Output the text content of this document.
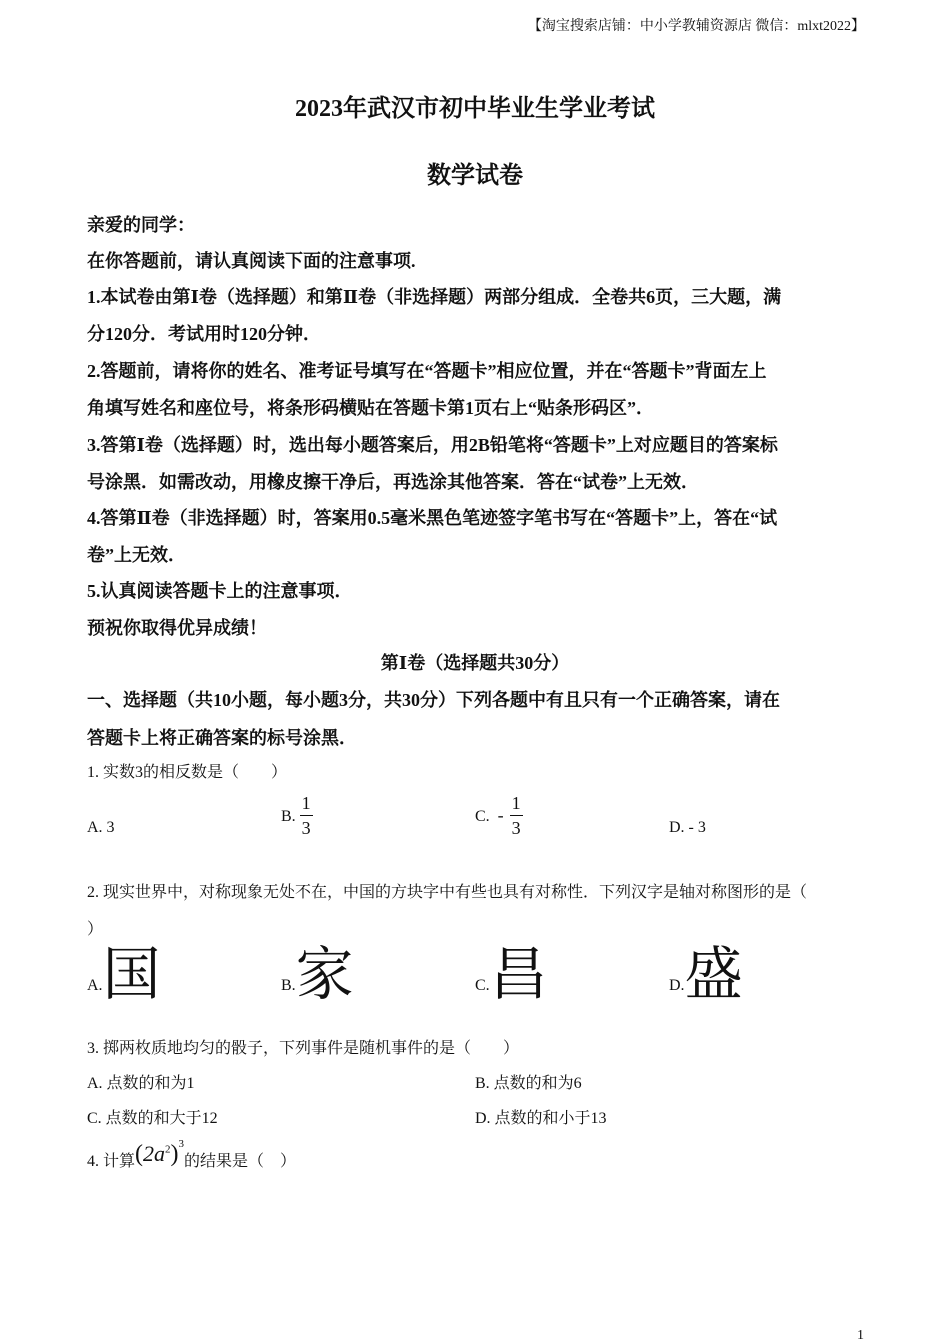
【淘宝搜索店铺：中小学教辅资源店 微信：mlxt2022】
2023年武汉市初中毕业生学业考试
数学试卷
亲爱的同学：
在你答题前，请认真阅读下面的注意事项.
1.本试卷由第Ⅰ卷（选择题）和第Ⅱ卷（非选择题）两部分组成．全卷共6页，三大题，满
分120分．考试用时120分钟．
2.答题前，请将你的姓名、准考证号填写在“答题卡”相应位置，并在“答题卡”背面左上
角填写姓名和座位号，将条形码横贴在答题卡第1页右上“贴条形码区”．
3.答第Ⅰ卷（选择题）时，选出每小题答案后，用2B铅笔将“答题卡”上对应题目的答案标
号涂黑．如需改动，用橡皮擦干净后，再选涂其他答案．答在“试卷”上无效．
4.答第Ⅱ卷（非选择题）时，答案用0.5毫米黑色笔迹签字笔书写在“答题卡”上，答在“试
卷”上无效．
5.认真阅读答题卡上的注意事项．
预祝你取得优异成绩！
第Ⅰ卷（选择题共30分）
一、选择题（共10小题，每小题3分，共30分）下列各题中有且只有一个正确答案，请在
答题卡上将正确答案的标号涂黑．
1. 实数3的相反数是（　　）
A. 3
B. $\frac{1}{3}$	C. - $\frac{1}{3}$	D. - 3
2. 现实世界中，对称现象无处不在，中国的方块字中有些也具有对称性．下列汉字是轴对称图形的是（
）
A.国	B.家	C.昌	D.盛
3. 掷两枚质地均匀的骰子，下列事件是随机事件的是（　　）
A. 点数的和为1	B. 点数的和为6
C. 点数的和大于12	D. 点数的和小于13
4. 计算$(2a^2)^3$的结果是（　）
1
